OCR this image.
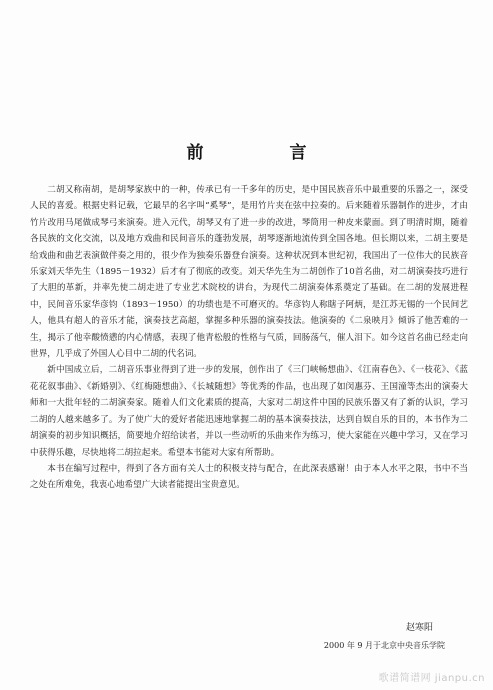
前 言

二胡又称南胡，是胡琴家族中的一种，传承已有一千多年的历史，是中国民族音乐中最重要的乐器之一，深受人民的喜爱。根据史料记载，它最早的名字叫“奚琴”，是用竹片夹在弦中拉奏的。后来随着乐器制作的进步，才由竹片改用马尾做成琴弓来演奏。进入元代，胡琴又有了进一步的改进，琴筒用一种皮来蒙面。到了明清时期，随着各民族的文化交流，以及地方戏曲和民间音乐的蓬勃发展，胡琴逐渐地流传到全国各地。但长期以来，二胡主要是给戏曲和曲艺表演做伴奏之用的，很少作为独奏乐器登台演奏。这种状况到本世纪初，我国出了一位伟大的民族音乐家刘天华先生（1895－1932）后才有了彻底的改变。刘天华先生为二胡创作了10首名曲，对二胡演奏技巧进行了大胆的革新，并率先使二胡走进了专业艺术院校的讲台，为现代二胡演奏体系奠定了基础。在二胡的发展进程中，民间音乐家华彦钧（1893－1950）的功绩也是不可磨灭的。华彦钧人称瞎子阿炳，是江苏无锡的一个民间艺人，他具有超人的音乐才能，演奏技艺高超，掌握多种乐器的演奏技法。他演奏的《二泉映月》倾诉了他苦难的一生，揭示了他幸酸愤懑的内心情感，表现了他青松般的性格与气质，回肠荡气，催人泪下。如今这首名曲已经走向世界，几乎成了外国人心目中二胡的代名词。

新中国成立后，二胡音乐事业得到了进一步的发展，创作出了《三门峡畅想曲》、《江南春色》、《一枝花》、《蓝花花叙事曲》、《新婚别》、《红梅随想曲》、《长城随想》等优秀的作品，也出现了如闵惠芬、王国潼等杰出的演奏大师和一大批年轻的二胡演奏家。随着人们文化素质的提高，大家对二胡这件中国的民族乐器又有了新的认识，学习二胡的人越来越多了。为了使广大的爱好者能迅速地掌握二胡的基本演奏技法，达到自娱自乐的目的，本书作为二胡演奏的初步知识概括，简要地介绍给读者，并以一些动听的乐曲来作为练习，使大家能在兴趣中学习，又在学习中获得乐趣，尽快地将二胡拉起来。希望本书能对大家有所帮助。

本书在编写过程中，得到了各方面有关人士的积极支持与配合，在此深表感谢！由于本人水平之限，书中不当之处在所难免，我衷心地希望广大读者能提出宝贵意见。

赵寒阳
2000 年 9 月于北京中央音乐学院
歌谱简谱网 jianpu.cn
